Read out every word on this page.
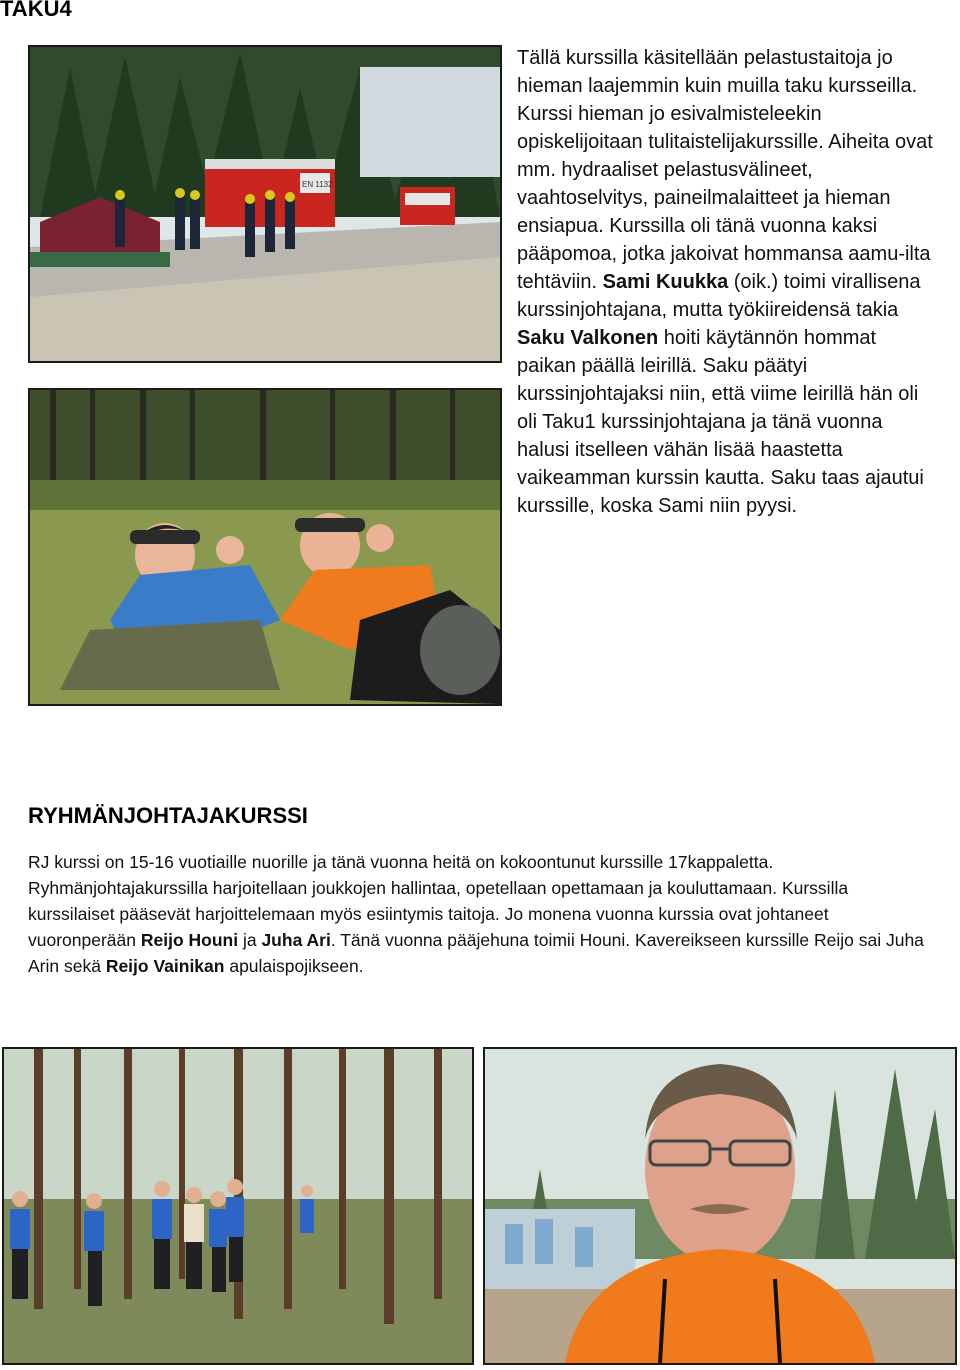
TAKU4
EN 1132
Tällä kurssilla käsitellään pelastustaitoja jo hieman laajemmin kuin muilla taku kursseilla. Kurssi hieman jo esivalmisteleekin opiskelijoitaan tulitaistelijakurssille. Aiheita ovat mm. hydraaliset pelastusvälineet, vaahtoselvitys, paineilmalaitteet ja hieman ensiapua. Kurssilla oli tänä vuonna kaksi pääpomoa, jotka jakoivat hommansa aamu-ilta tehtäviin. Sami Kuukka (oik.) toimi virallisena kurssinjohtajana, mutta työkiireidensä takia Saku Valkonen hoiti käytännön hommat paikan päällä leirillä. Saku päätyi kurssinjohtajaksi niin, että viime leirillä hän oli oli Taku1 kurssinjohtajana ja tänä vuonna halusi itselleen vähän lisää haastetta vaikeamman kurssin kautta. Saku taas ajautui kurssille, koska Sami niin pyysi.
RYHMÄNJOHTAJAKURSSI
RJ kurssi on 15-16 vuotiaille nuorille ja tänä vuonna heitä on kokoontunut kurssille 17kappaletta. Ryhmänjohtajakurssilla harjoitellaan joukkojen hallintaa, opetellaan opettamaan ja kouluttamaan. Kurssilla kurssilaiset pääsevät harjoittelemaan myös esiintymis taitoja. Jo monena vuonna kurssia ovat johtaneet vuoronperään Reijo Houni ja Juha Ari. Tänä vuonna pääjehuna toimii Houni. Kavereikseen kurssille Reijo sai Juha Arin sekä Reijo Vainikan apulaispojikseen.
